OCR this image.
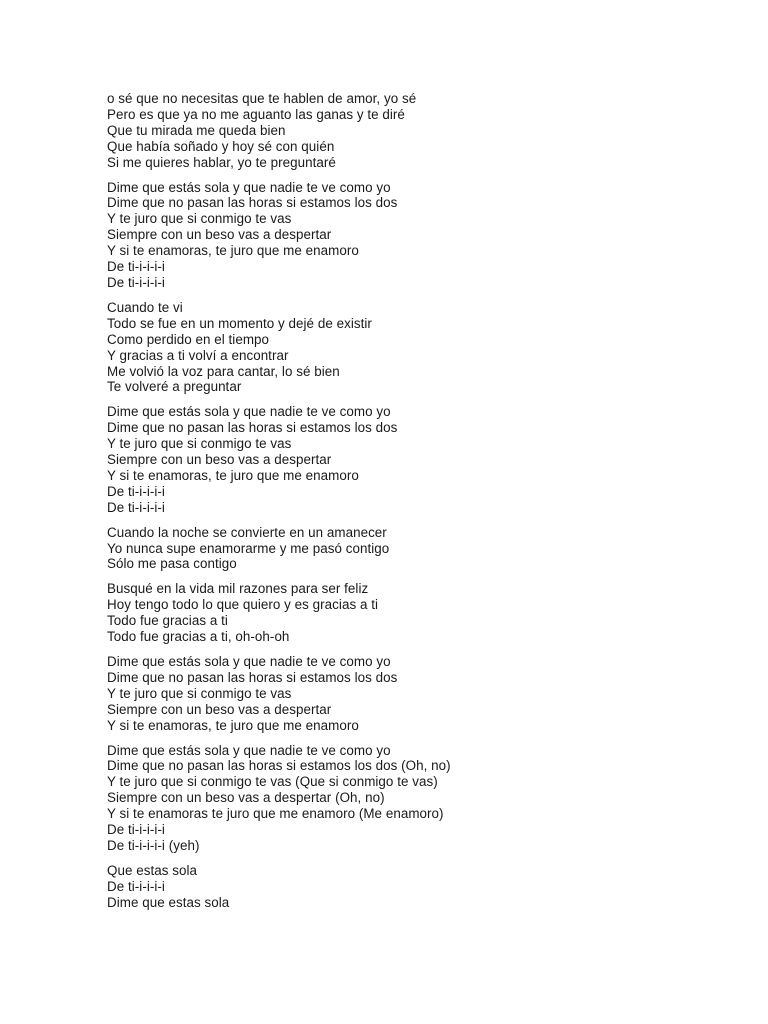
o sé que no necesitas que te hablen de amor, yo sé
Pero es que ya no me aguanto las ganas y te diré
Que tu mirada me queda bien
Que había soñado y hoy sé con quién
Si me quieres hablar, yo te preguntaré
Dime que estás sola y que nadie te ve como yo
Dime que no pasan las horas si estamos los dos
Y te juro que si conmigo te vas
Siempre con un beso vas a despertar
Y si te enamoras, te juro que me enamoro
De ti-i-i-i-i
De ti-i-i-i-i
Cuando te vi
Todo se fue en un momento y dejé de existir
Como perdido en el tiempo
Y gracias a ti volví a encontrar
Me volvió la voz para cantar, lo sé bien
Te volveré a preguntar
Dime que estás sola y que nadie te ve como yo
Dime que no pasan las horas si estamos los dos
Y te juro que si conmigo te vas
Siempre con un beso vas a despertar
Y si te enamoras, te juro que me enamoro
De ti-i-i-i-i
De ti-i-i-i-i
Cuando la noche se convierte en un amanecer
Yo nunca supe enamorarme y me pasó contigo
Sólo me pasa contigo
Busqué en la vida mil razones para ser feliz
Hoy tengo todo lo que quiero y es gracias a ti
Todo fue gracias a ti
Todo fue gracias a ti, oh-oh-oh
Dime que estás sola y que nadie te ve como yo
Dime que no pasan las horas si estamos los dos
Y te juro que si conmigo te vas
Siempre con un beso vas a despertar
Y si te enamoras, te juro que me enamoro
Dime que estás sola y que nadie te ve como yo
Dime que no pasan las horas si estamos los dos (Oh, no)
Y te juro que si conmigo te vas (Que si conmigo te vas)
Siempre con un beso vas a despertar (Oh, no)
Y si te enamoras te juro que me enamoro (Me enamoro)
De ti-i-i-i-i
De ti-i-i-i-i (yeh)
Que estas sola
De ti-i-i-i-i
Dime que estas sola
